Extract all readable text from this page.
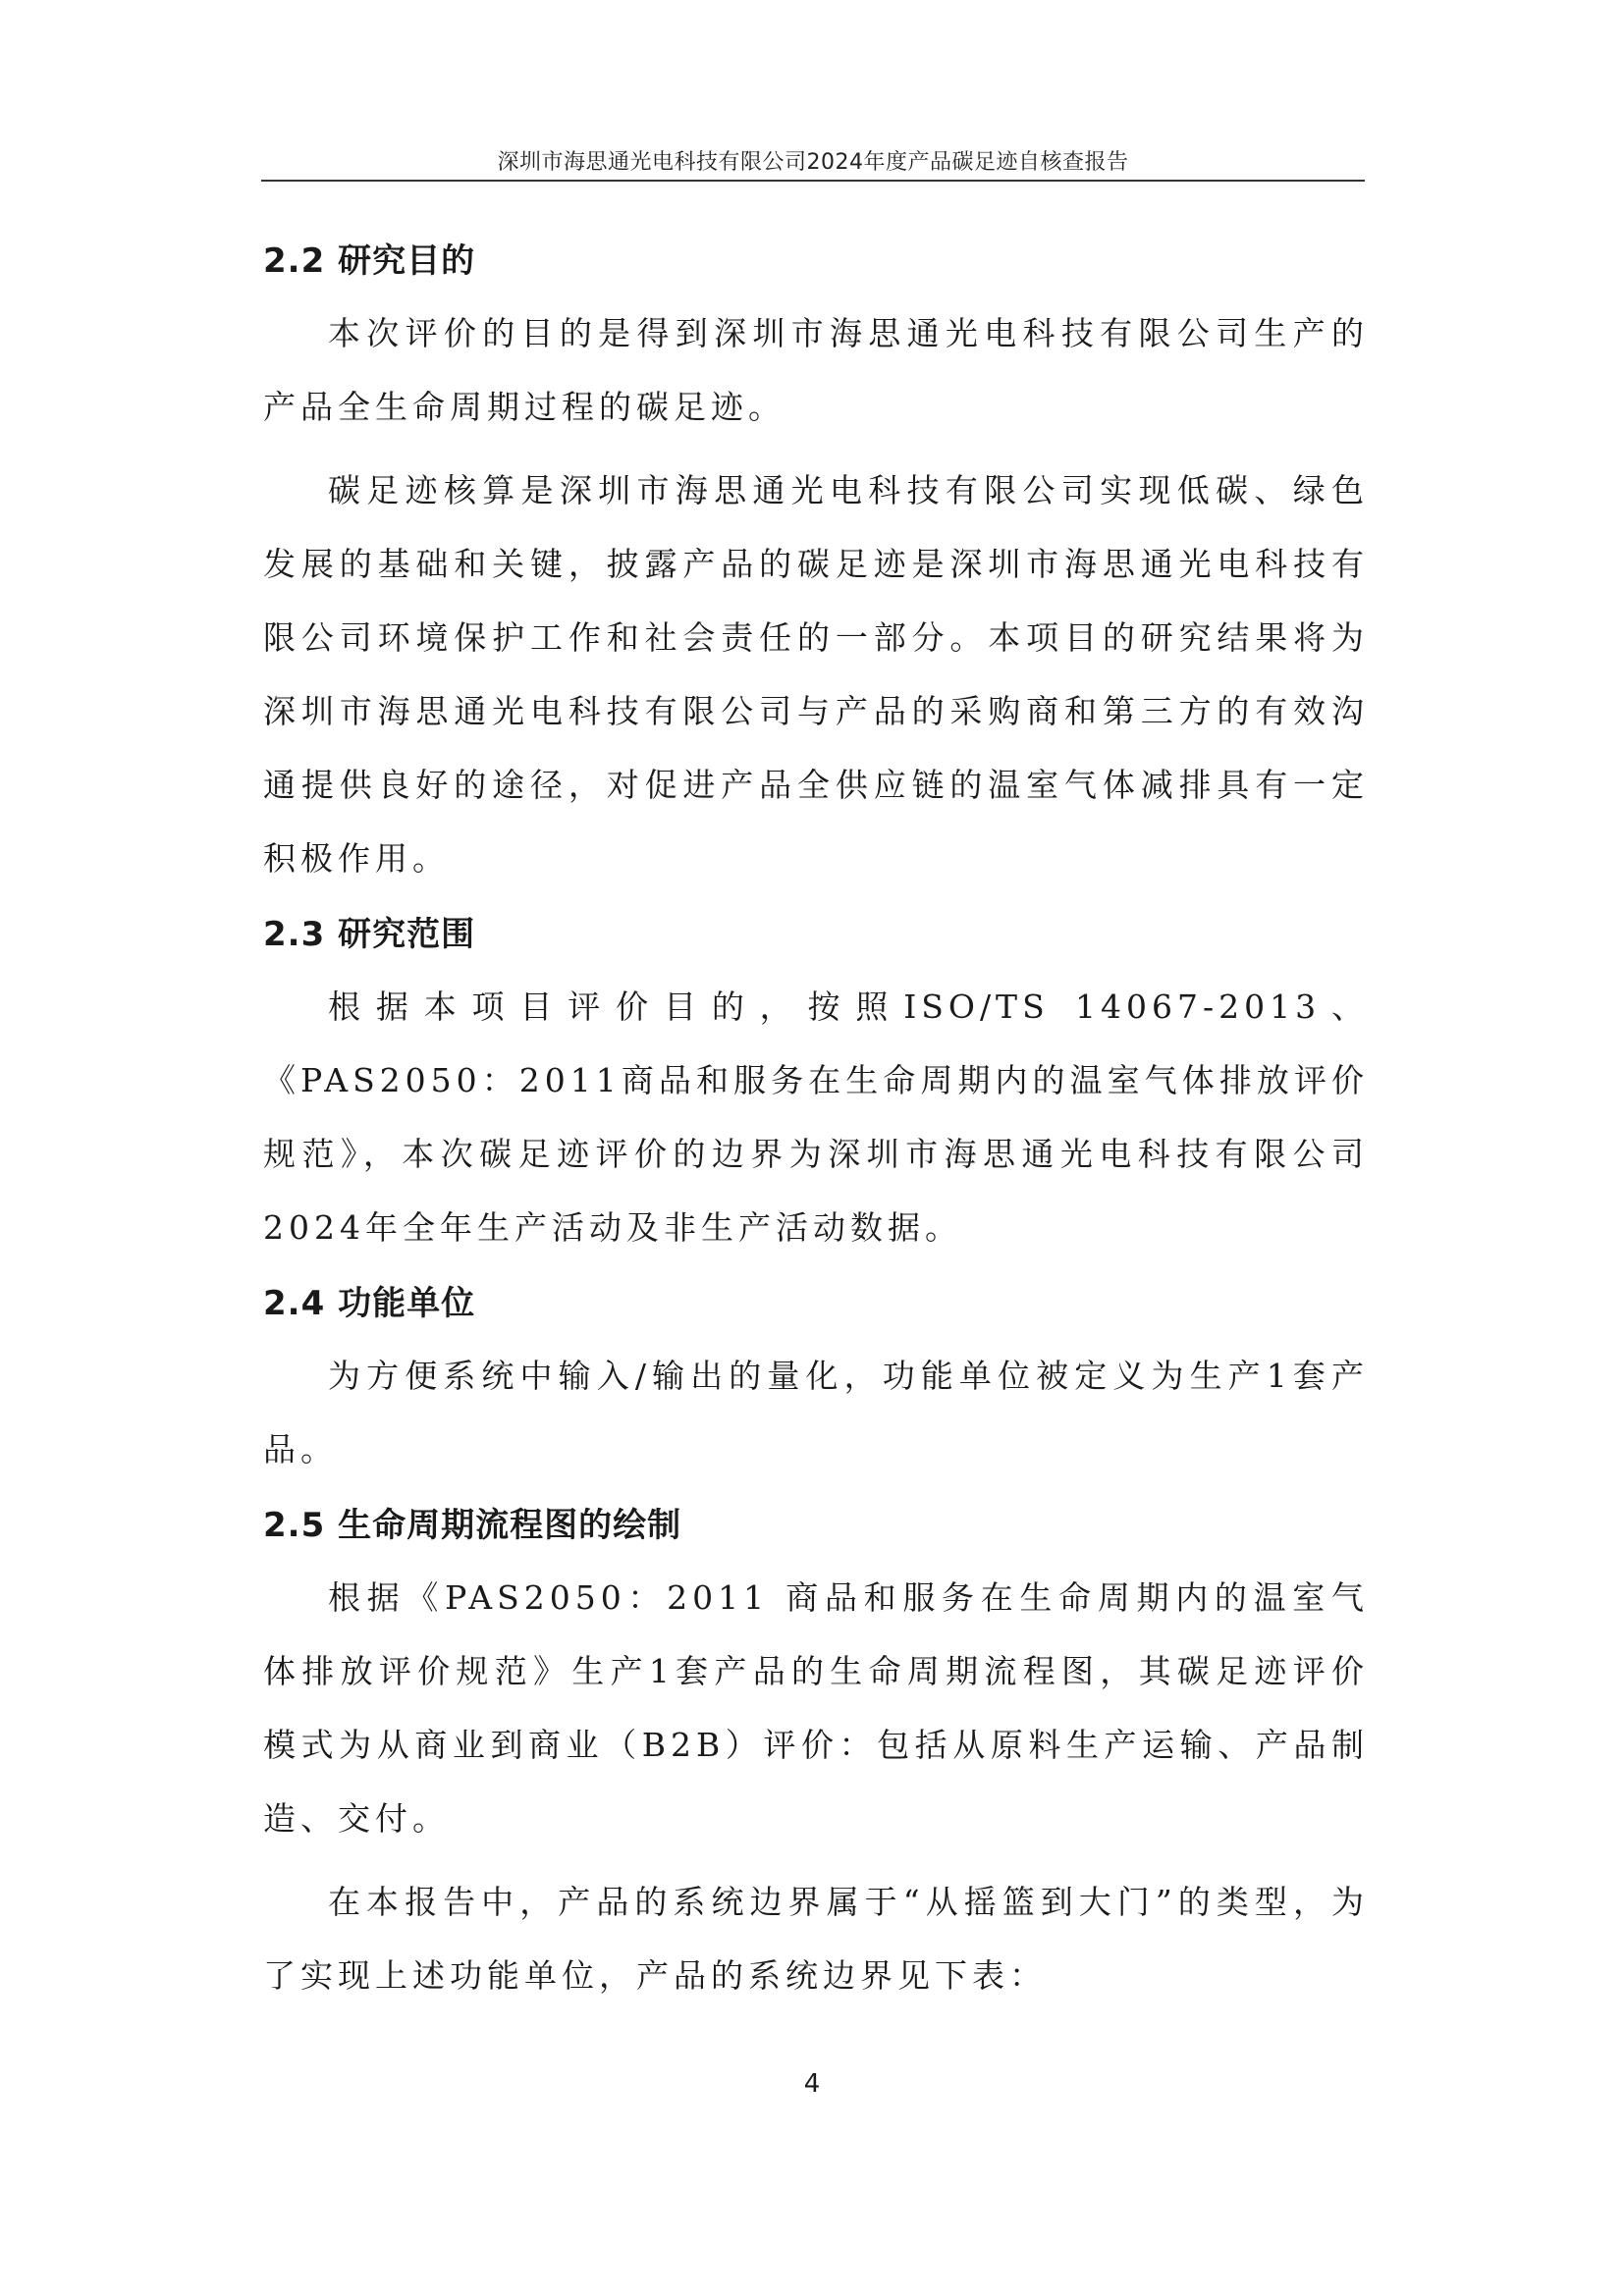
深圳市海思通光电科技有限公司2024年度产品碳足迹自核查报告
2.2 研究目的

本次评价的目的是得到深圳市海思通光电科技有限公司生产的产品全生命周期过程的碳足迹。

碳足迹核算是深圳市海思通光电科技有限公司实现低碳、绿色发展的基础和关键，披露产品的碳足迹是深圳市海思通光电科技有限公司环境保护工作和社会责任的一部分。本项目的研究结果将为深圳市海思通光电科技有限公司与产品的采购商和第三方的有效沟通提供良好的途径，对促进产品全供应链的温室气体减排具有一定积极作用。

2.3 研究范围

根据本项目评价目的，按照ISO/TS 14067-2013、《PAS2050：2011商品和服务在生命周期内的温室气体排放评价规范》，本次碳足迹评价的边界为深圳市海思通光电科技有限公司2024年全年生产活动及非生产活动数据。

2.4 功能单位

为方便系统中输入/输出的量化，功能单位被定义为生产1套产品。

2.5 生命周期流程图的绘制

根据《PAS2050：2011 商品和服务在生命周期内的温室气体排放评价规范》生产1套产品的生命周期流程图，其碳足迹评价模式为从商业到商业（B2B）评价：包括从原料生产运输、产品制造、交付。

在本报告中，产品的系统边界属于“从摇篮到大门”的类型，为了实现上述功能单位，产品的系统边界见下表：

4
